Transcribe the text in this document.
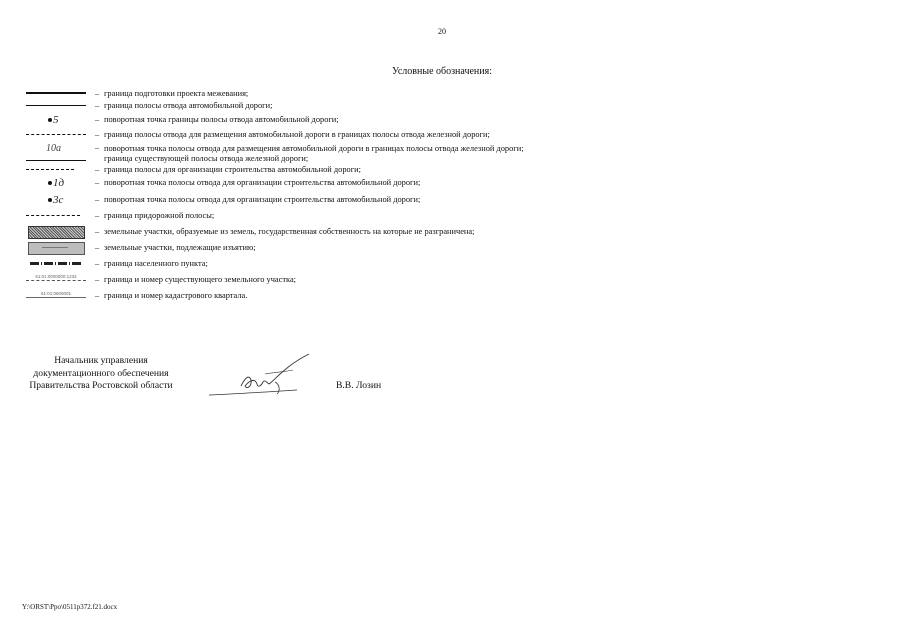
20
Условные обозначения:
– граница подготовки проекта межевания;
– граница полосы отвода автомобильной дороги;
5	– поворотная точка границы полосы отвода автомобильной дороги;
– граница полосы отвода для размещения автомобильной дороги в границах полосы отвода железной дороги;
10а	– поворотная точка полосы отвода для размещения автомобильной дороги в границах полосы отвода железной дороги;
граница существующей полосы отвода железной дороги;
– граница полосы для организации строительства автомобильной дороги;
1д	– поворотная точка полосы отвода для организации строительства автомобильной дороги;
3с	– поворотная точка полосы отвода для организации строительства автомобильной дороги;
– граница придорожной полосы;
– земельные участки, образуемые из земель, государственная собственность на которые не разграничена;
– земельные участки, подлежащие изъятию;
– граница населенного пункта;
61:01:0000000:1234	– граница и номер существующего земельного участка;
61:01:0600001	– граница и номер кадастрового квартала.
Начальник управления
документационного обеспечения
Правительства Ростовской области	В.В. Лозин
Y:\ORST\Ppo\0511p372.f21.docx
